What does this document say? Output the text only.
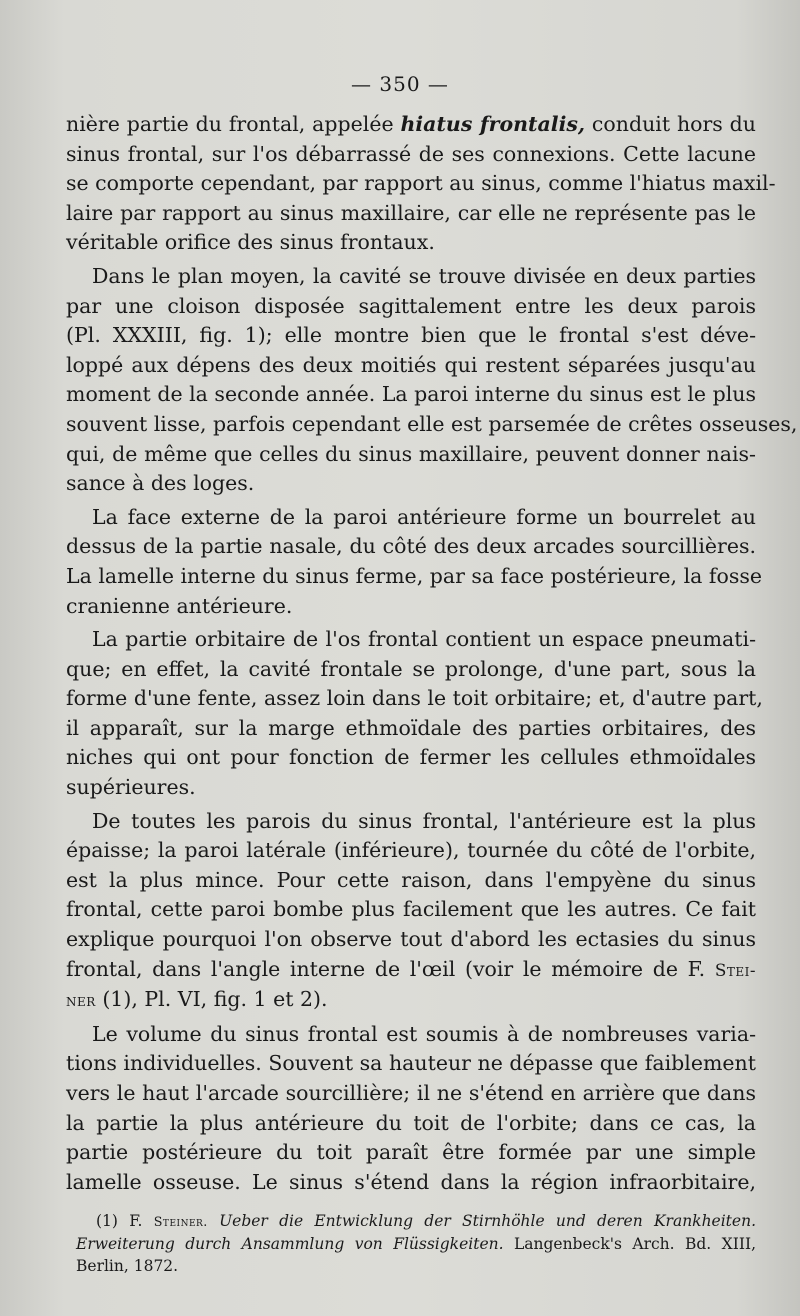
— 350 —
nière partie du frontal, appelée hiatus frontalis, conduit hors du
sinus frontal, sur l'os débarrassé de ses connexions. Cette lacune
se comporte cependant, par rapport au sinus, comme l'hiatus maxil-
laire par rapport au sinus maxillaire, car elle ne représente pas le
véritable orifice des sinus frontaux.
Dans le plan moyen, la cavité se trouve divisée en deux parties
par une cloison disposée sagittalement entre les deux parois
(Pl. XXXIII, fig. 1); elle montre bien que le frontal s'est déve-
loppé aux dépens des deux moitiés qui restent séparées jusqu'au
moment de la seconde année. La paroi interne du sinus est le plus
souvent lisse, parfois cependant elle est parsemée de crêtes osseuses,
qui, de même que celles du sinus maxillaire, peuvent donner nais-
sance à des loges.
La face externe de la paroi antérieure forme un bourrelet au
dessus de la partie nasale, du côté des deux arcades sourcillières.
La lamelle interne du sinus ferme, par sa face postérieure, la fosse
cranienne antérieure.
La partie orbitaire de l'os frontal contient un espace pneumati-
que; en effet, la cavité frontale se prolonge, d'une part, sous la
forme d'une fente, assez loin dans le toit orbitaire; et, d'autre part,
il apparaît, sur la marge ethmoïdale des parties orbitaires, des
niches qui ont pour fonction de fermer les cellules ethmoïdales
supérieures.
De toutes les parois du sinus frontal, l'antérieure est la plus
épaisse; la paroi latérale (inférieure), tournée du côté de l'orbite,
est la plus mince. Pour cette raison, dans l'empyène du sinus
frontal, cette paroi bombe plus facilement que les autres. Ce fait
explique pourquoi l'on observe tout d'abord les ectasies du sinus
frontal, dans l'angle interne de l'œil (voir le mémoire de F. Stei-
ner (1), Pl. VI, fig. 1 et 2).
Le volume du sinus frontal est soumis à de nombreuses varia-
tions individuelles. Souvent sa hauteur ne dépasse que faiblement
vers le haut l'arcade sourcillière; il ne s'étend en arrière que dans
la partie la plus antérieure du toit de l'orbite; dans ce cas, la
partie postérieure du toit paraît être formée par une simple
lamelle osseuse. Le sinus s'étend dans la région infraorbitaire,
(1) F. Steiner. Ueber die Entwicklung der Stirnhöhle und deren Krankheiten.
Erweiterung durch Ansammlung von Flüssigkeiten. Langenbeck's Arch. Bd. XIII,
Berlin, 1872.
